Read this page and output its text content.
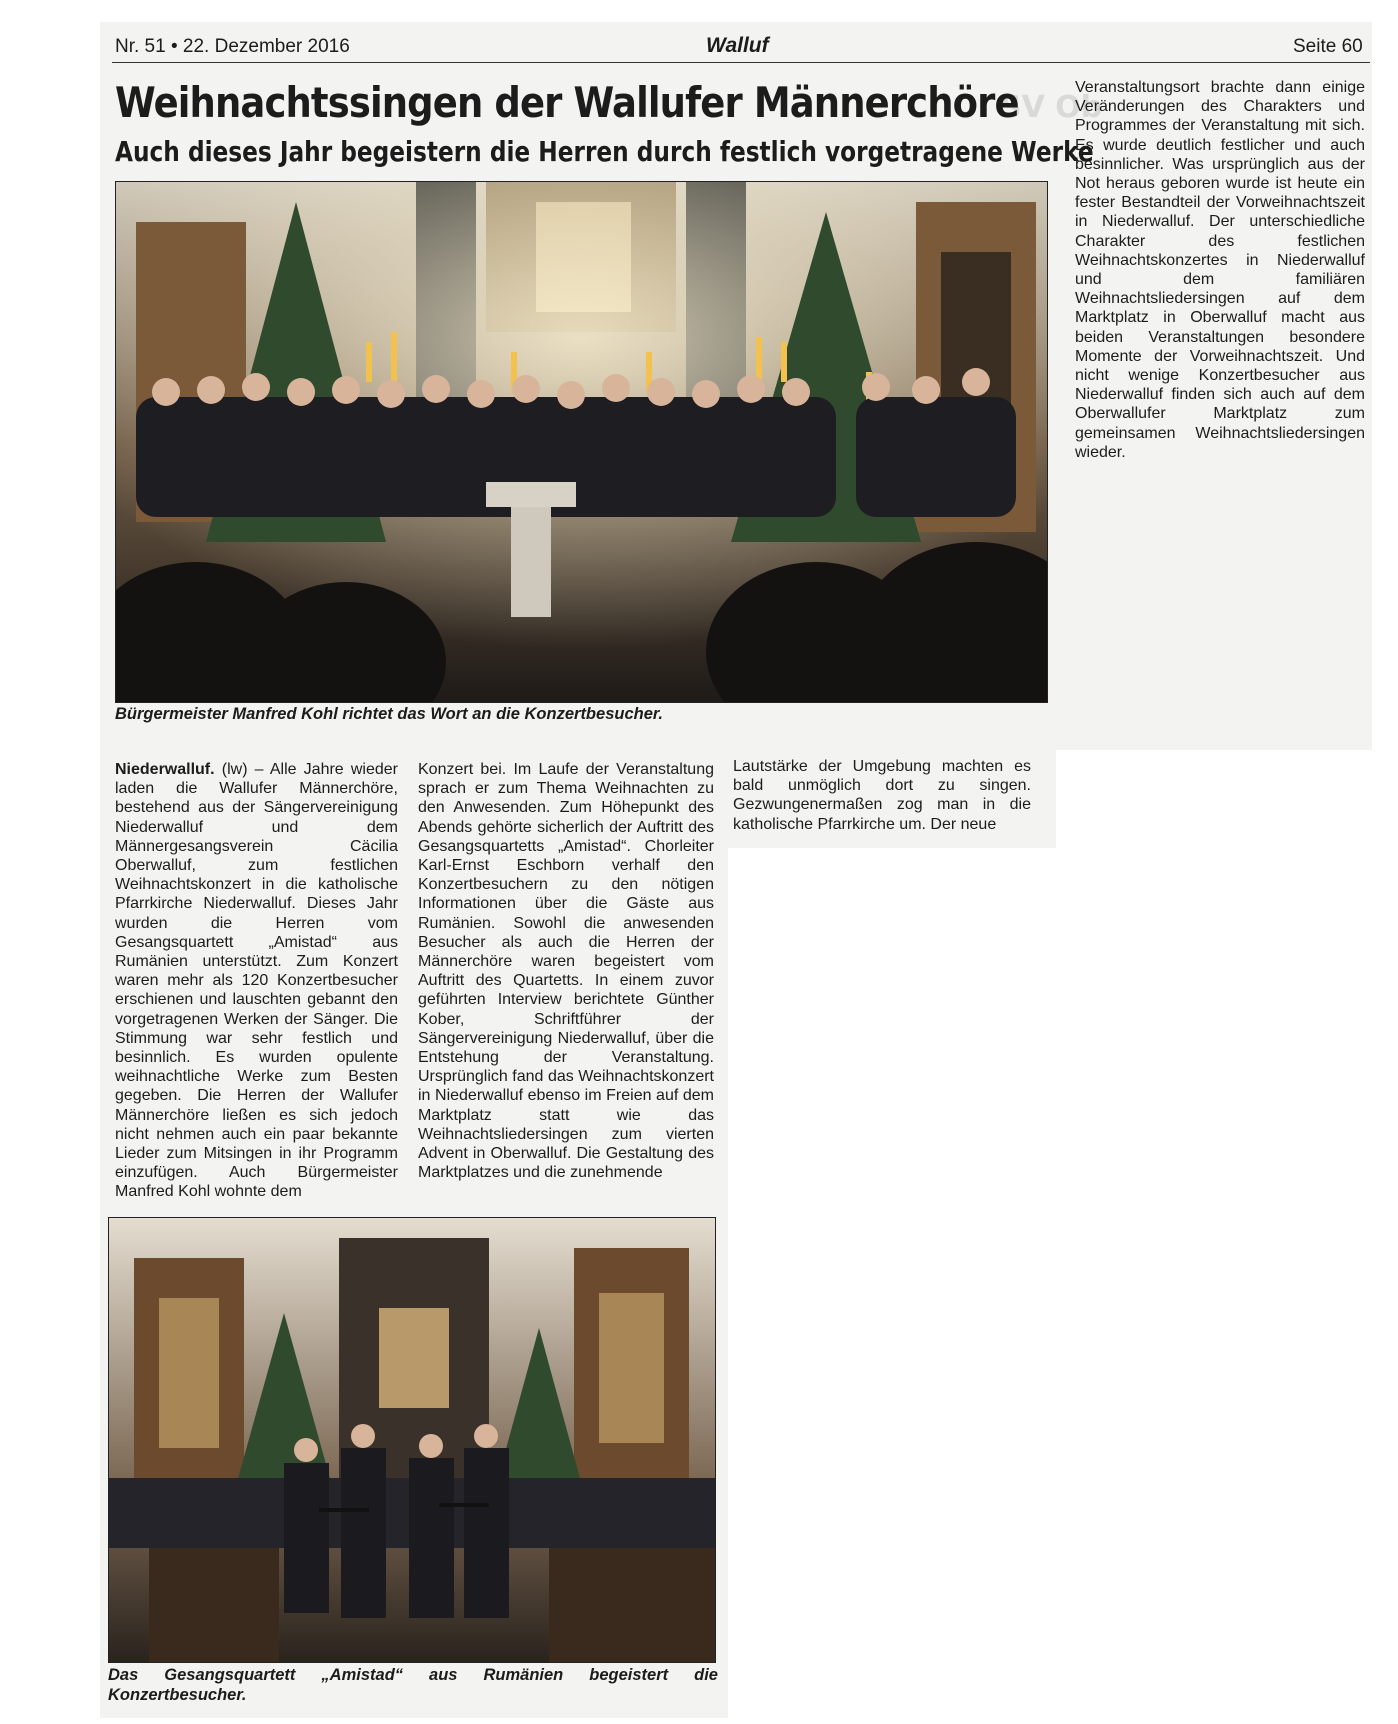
SV Ob
Nr. 51 • 22. Dezember 2016	Walluf	Seite 60
Weihnachtssingen der Wallufer Männerchöre
Auch dieses Jahr begeistern die Herren durch festlich vorgetragene Werke
Bürgermeister Manfred Kohl richtet das Wort an die Konzertbesucher.
Veranstaltungsort brachte dann einige Veränderungen des Charakters und Programmes der Veranstaltung mit sich. Es wurde deutlich festlicher und auch besinnlicher. Was ursprünglich aus der Not heraus geboren wurde ist heute ein fester Bestandteil der Vorweihnachtszeit in Niederwalluf. Der unterschiedliche Charakter des festlichen Weihnachtskonzertes in Niederwalluf und dem familiären Weihnachtsliedersingen auf dem Marktplatz in Oberwalluf macht aus beiden Veranstaltungen besondere Momente der Vorweihnachtszeit. Und nicht wenige Konzertbesucher aus Niederwalluf finden sich auch auf dem Oberwallufer Marktplatz zum gemeinsamen Weihnachtsliedersingen wieder.
Niederwalluf. (lw) – Alle Jahre wieder laden die Wallufer Männerchöre, bestehend aus der Sängervereinigung Niederwalluf und dem Männergesangsverein Cäcilia Oberwalluf, zum festlichen Weihnachtskonzert in die katholische Pfarrkirche Niederwalluf. Dieses Jahr wurden die Herren vom Gesangsquartett „Amistad“ aus Rumänien unterstützt. Zum Konzert waren mehr als 120 Konzertbesucher erschienen und lauschten gebannt den vorgetragenen Werken der Sänger. Die Stimmung war sehr festlich und besinnlich. Es wurden opulente weihnachtliche Werke zum Besten gegeben. Die Herren der Wallufer Männerchöre ließen es sich jedoch nicht nehmen auch ein paar bekannte Lieder zum Mitsingen in ihr Programm einzufügen. Auch Bürgermeister Manfred Kohl wohnte dem
Konzert bei. Im Laufe der Veranstaltung sprach er zum Thema Weihnachten zu den Anwesenden. Zum Höhepunkt des Abends gehörte sicherlich der Auftritt des Gesangsquartetts „Amistad“. Chorleiter Karl-Ernst Eschborn verhalf den Konzertbesuchern zu den nötigen Informationen über die Gäste aus Rumänien. Sowohl die anwesenden Besucher als auch die Herren der Männerchöre waren begeistert vom Auftritt des Quartetts. In einem zuvor geführten Interview berichtete Günther Kober, Schriftführer der Sängervereinigung Niederwalluf, über die Entstehung der Veranstaltung. Ursprünglich fand das Weihnachtskonzert in Niederwalluf ebenso im Freien auf dem Marktplatz statt wie das Weihnachtsliedersingen zum vierten Advent in Oberwalluf. Die Gestaltung des Marktplatzes und die zunehmende
Lautstärke der Umgebung machten es bald unmöglich dort zu singen. Gezwungenermaßen zog man in die katholische Pfarrkirche um. Der neue
Das Gesangsquartett „Amistad“ aus Rumänien begeistert die Konzertbesucher.
